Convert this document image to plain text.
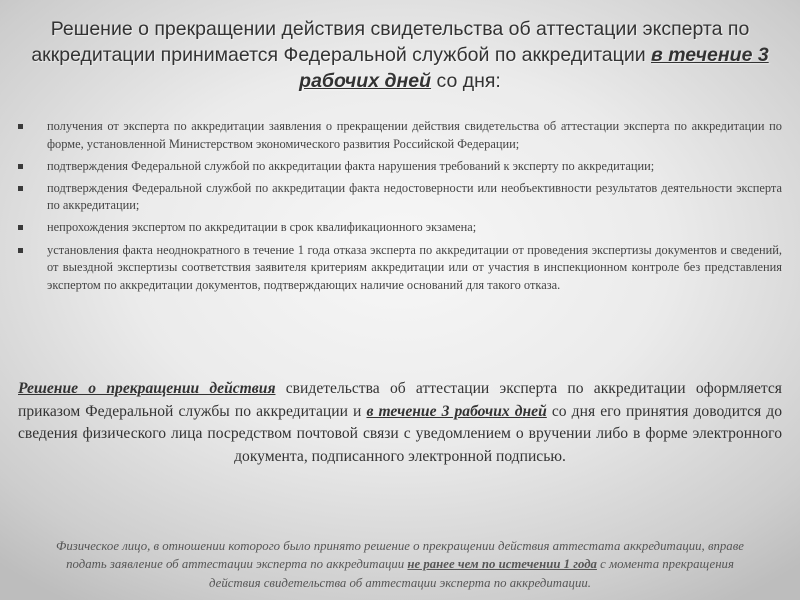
Решение о прекращении действия свидетельства об аттестации эксперта по аккредитации принимается Федеральной службой по аккредитации в течение 3 рабочих дней со дня:
получения от эксперта по аккредитации заявления о прекращении действия свидетельства об аттестации эксперта по аккредитации по форме, установленной Министерством экономического развития Российской Федерации;
подтверждения Федеральной службой по аккредитации факта нарушения требований к эксперту по аккредитации;
подтверждения Федеральной службой по аккредитации факта недостоверности или необъективности результатов деятельности эксперта по аккредитации;
непрохождения экспертом по аккредитации в срок квалификационного экзамена;
установления факта неоднократного в течение 1 года отказа эксперта по аккредитации от проведения экспертизы документов и сведений, от выездной экспертизы соответствия заявителя критериям аккредитации или от участия в инспекционном контроле без представления экспертом по аккредитации документов, подтверждающих наличие оснований для такого отказа.
Решение о прекращении действия свидетельства об аттестации эксперта по аккредитации оформляется приказом Федеральной службы по аккредитации и в течение 3 рабочих дней со дня его принятия доводится до сведения физического лица посредством почтовой связи с уведомлением о вручении либо в форме электронного документа, подписанного электронной подписью.
Физическое лицо, в отношении которого было принято решение о прекращении действия аттестата аккредитации, вправе подать заявление об аттестации эксперта по аккредитации не ранее чем по истечении 1 года с момента прекращения действия свидетельства об аттестации эксперта по аккредитации.
